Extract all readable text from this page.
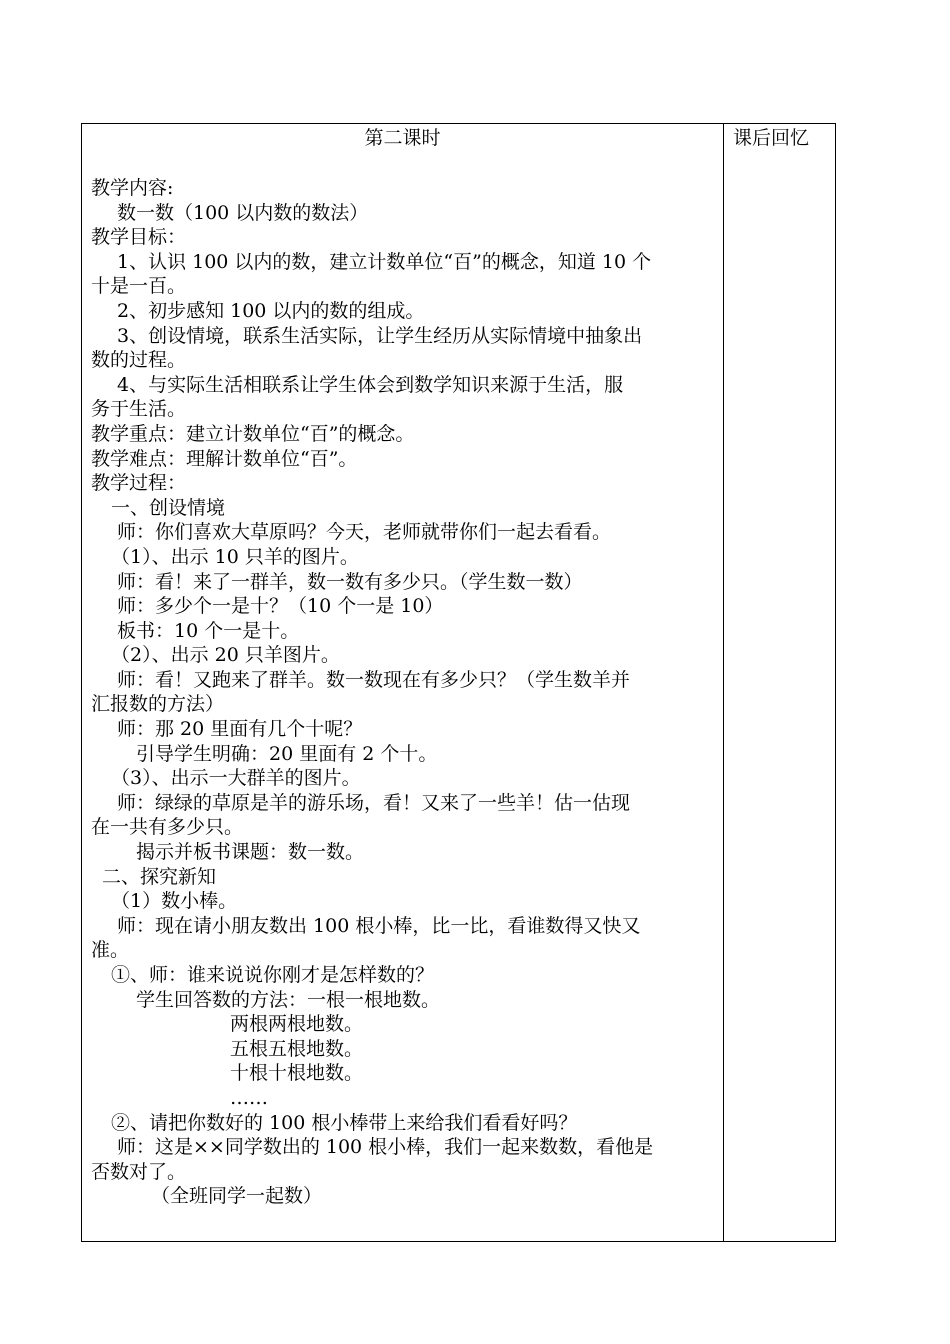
第二课时
教学内容:
数一数（100 以内数的数法）
教学目标：
1、认识 100 以内的数，建立计数单位“百”的概念，知道 10 个
十是一百。
2、初步感知 100 以内的数的组成。
3、创设情境，联系生活实际，让学生经历从实际情境中抽象出
数的过程。
4、与实际生活相联系让学生体会到数学知识来源于生活，服
务于生活。
教学重点：建立计数单位“百”的概念。
教学难点：理解计数单位“百”。
教学过程：
一、创设情境
师：你们喜欢大草原吗？今天，老师就带你们一起去看看。
（1）、出示 10 只羊的图片。
师：看！来了一群羊，数一数有多少只。（学生数一数）
师：多少个一是十？（10 个一是 10）
板书：10 个一是十。
（2）、出示 20 只羊图片。
师：看！又跑来了群羊。数一数现在有多少只？（学生数羊并
汇报数的方法）
师：那 20 里面有几个十呢？
引导学生明确：20 里面有 2 个十。
（3）、出示一大群羊的图片。
师：绿绿的草原是羊的游乐场，看！又来了一些羊！估一估现
在一共有多少只。
揭示并板书课题：数一数。
二、探究新知
（1）数小棒。
师：现在请小朋友数出 100 根小棒，比一比，看谁数得又快又
准。
①、师：谁来说说你刚才是怎样数的？
学生回答数的方法：一根一根地数。
两根两根地数。
五根五根地数。
十根十根地数。
……
②、请把你数好的 100 根小棒带上来给我们看看好吗？
师：这是××同学数出的 100 根小棒，我们一起来数数，看他是
否数对了。
（全班同学一起数）
课后回忆
